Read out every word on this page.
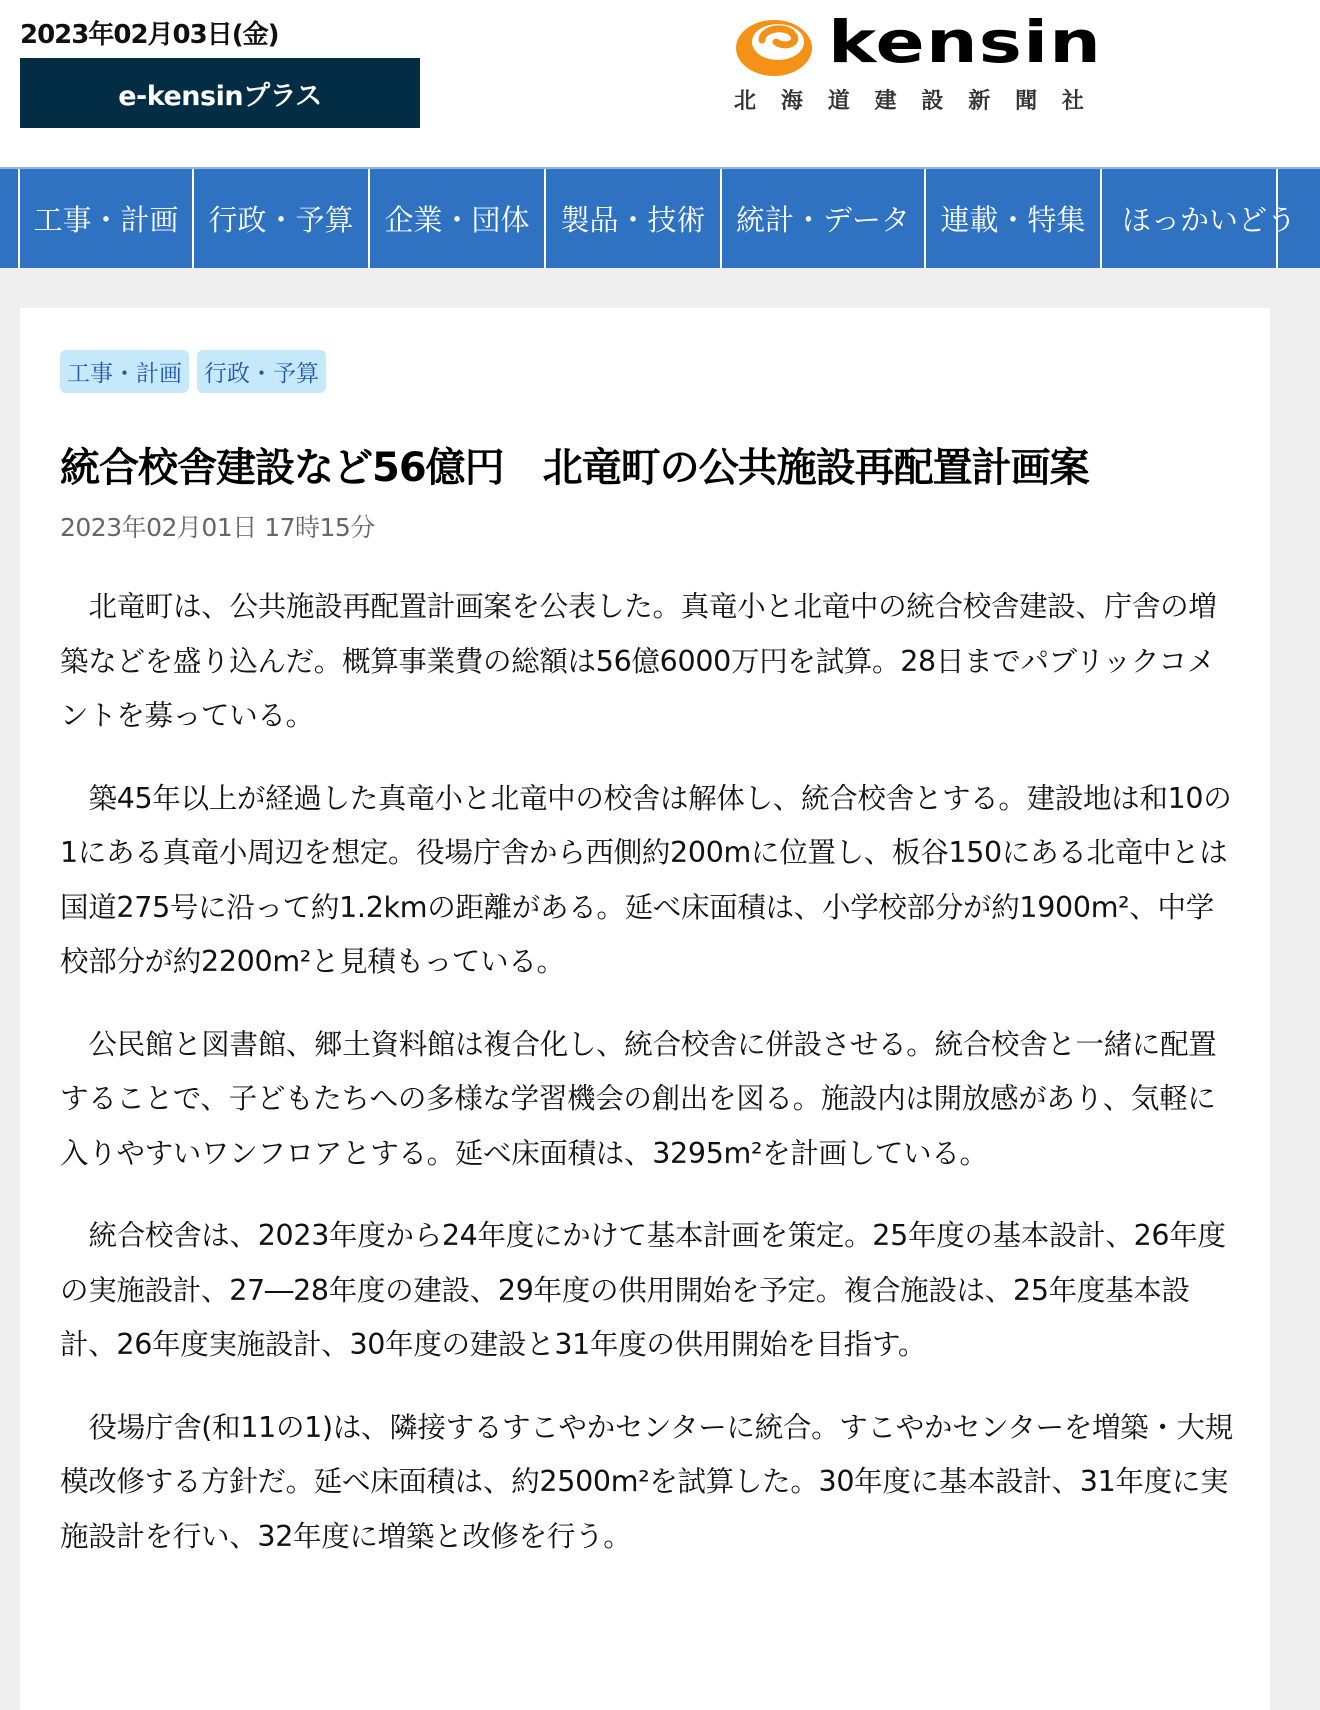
2023年02月03日(金)
e-kensinプラス
kensin
北 海 道 建 設 新 聞 社
工事・計画	行政・予算	企業・団体	製品・技術	統計・データ	連載・特集	ほっかいどう
工事・計画 行政・予算
統合校舎建設など56億円　北竜町の公共施設再配置計画案
2023年02月01日 17時15分

北竜町は、公共施設再配置計画案を公表した。真竜小と北竜中の統合校舎建設、庁舎の増築などを盛り込んだ。概算事業費の総額は56億6000万円を試算。28日までパブリックコメントを募っている。

築45年以上が経過した真竜小と北竜中の校舎は解体し、統合校舎とする。建設地は和10の1にある真竜小周辺を想定。役場庁舎から西側約200mに位置し、板谷150にある北竜中とは国道275号に沿って約1.2kmの距離がある。延べ床面積は、小学校部分が約1900m²、中学校部分が約2200m²と見積もっている。

公民館と図書館、郷土資料館は複合化し、統合校舎に併設させる。統合校舎と一緒に配置することで、子どもたちへの多様な学習機会の創出を図る。施設内は開放感があり、気軽に入りやすいワンフロアとする。延べ床面積は、3295m²を計画している。

統合校舎は、2023年度から24年度にかけて基本計画を策定。25年度の基本設計、26年度の実施設計、27―28年度の建設、29年度の供用開始を予定。複合施設は、25年度基本設計、26年度実施設計、30年度の建設と31年度の供用開始を目指す。

役場庁舎(和11の1)は、隣接するすこやかセンターに統合。すこやかセンターを増築・大規模改修する方針だ。延べ床面積は、約2500m²を試算した。30年度に基本設計、31年度に実施設計を行い、32年度に増築と改修を行う。
